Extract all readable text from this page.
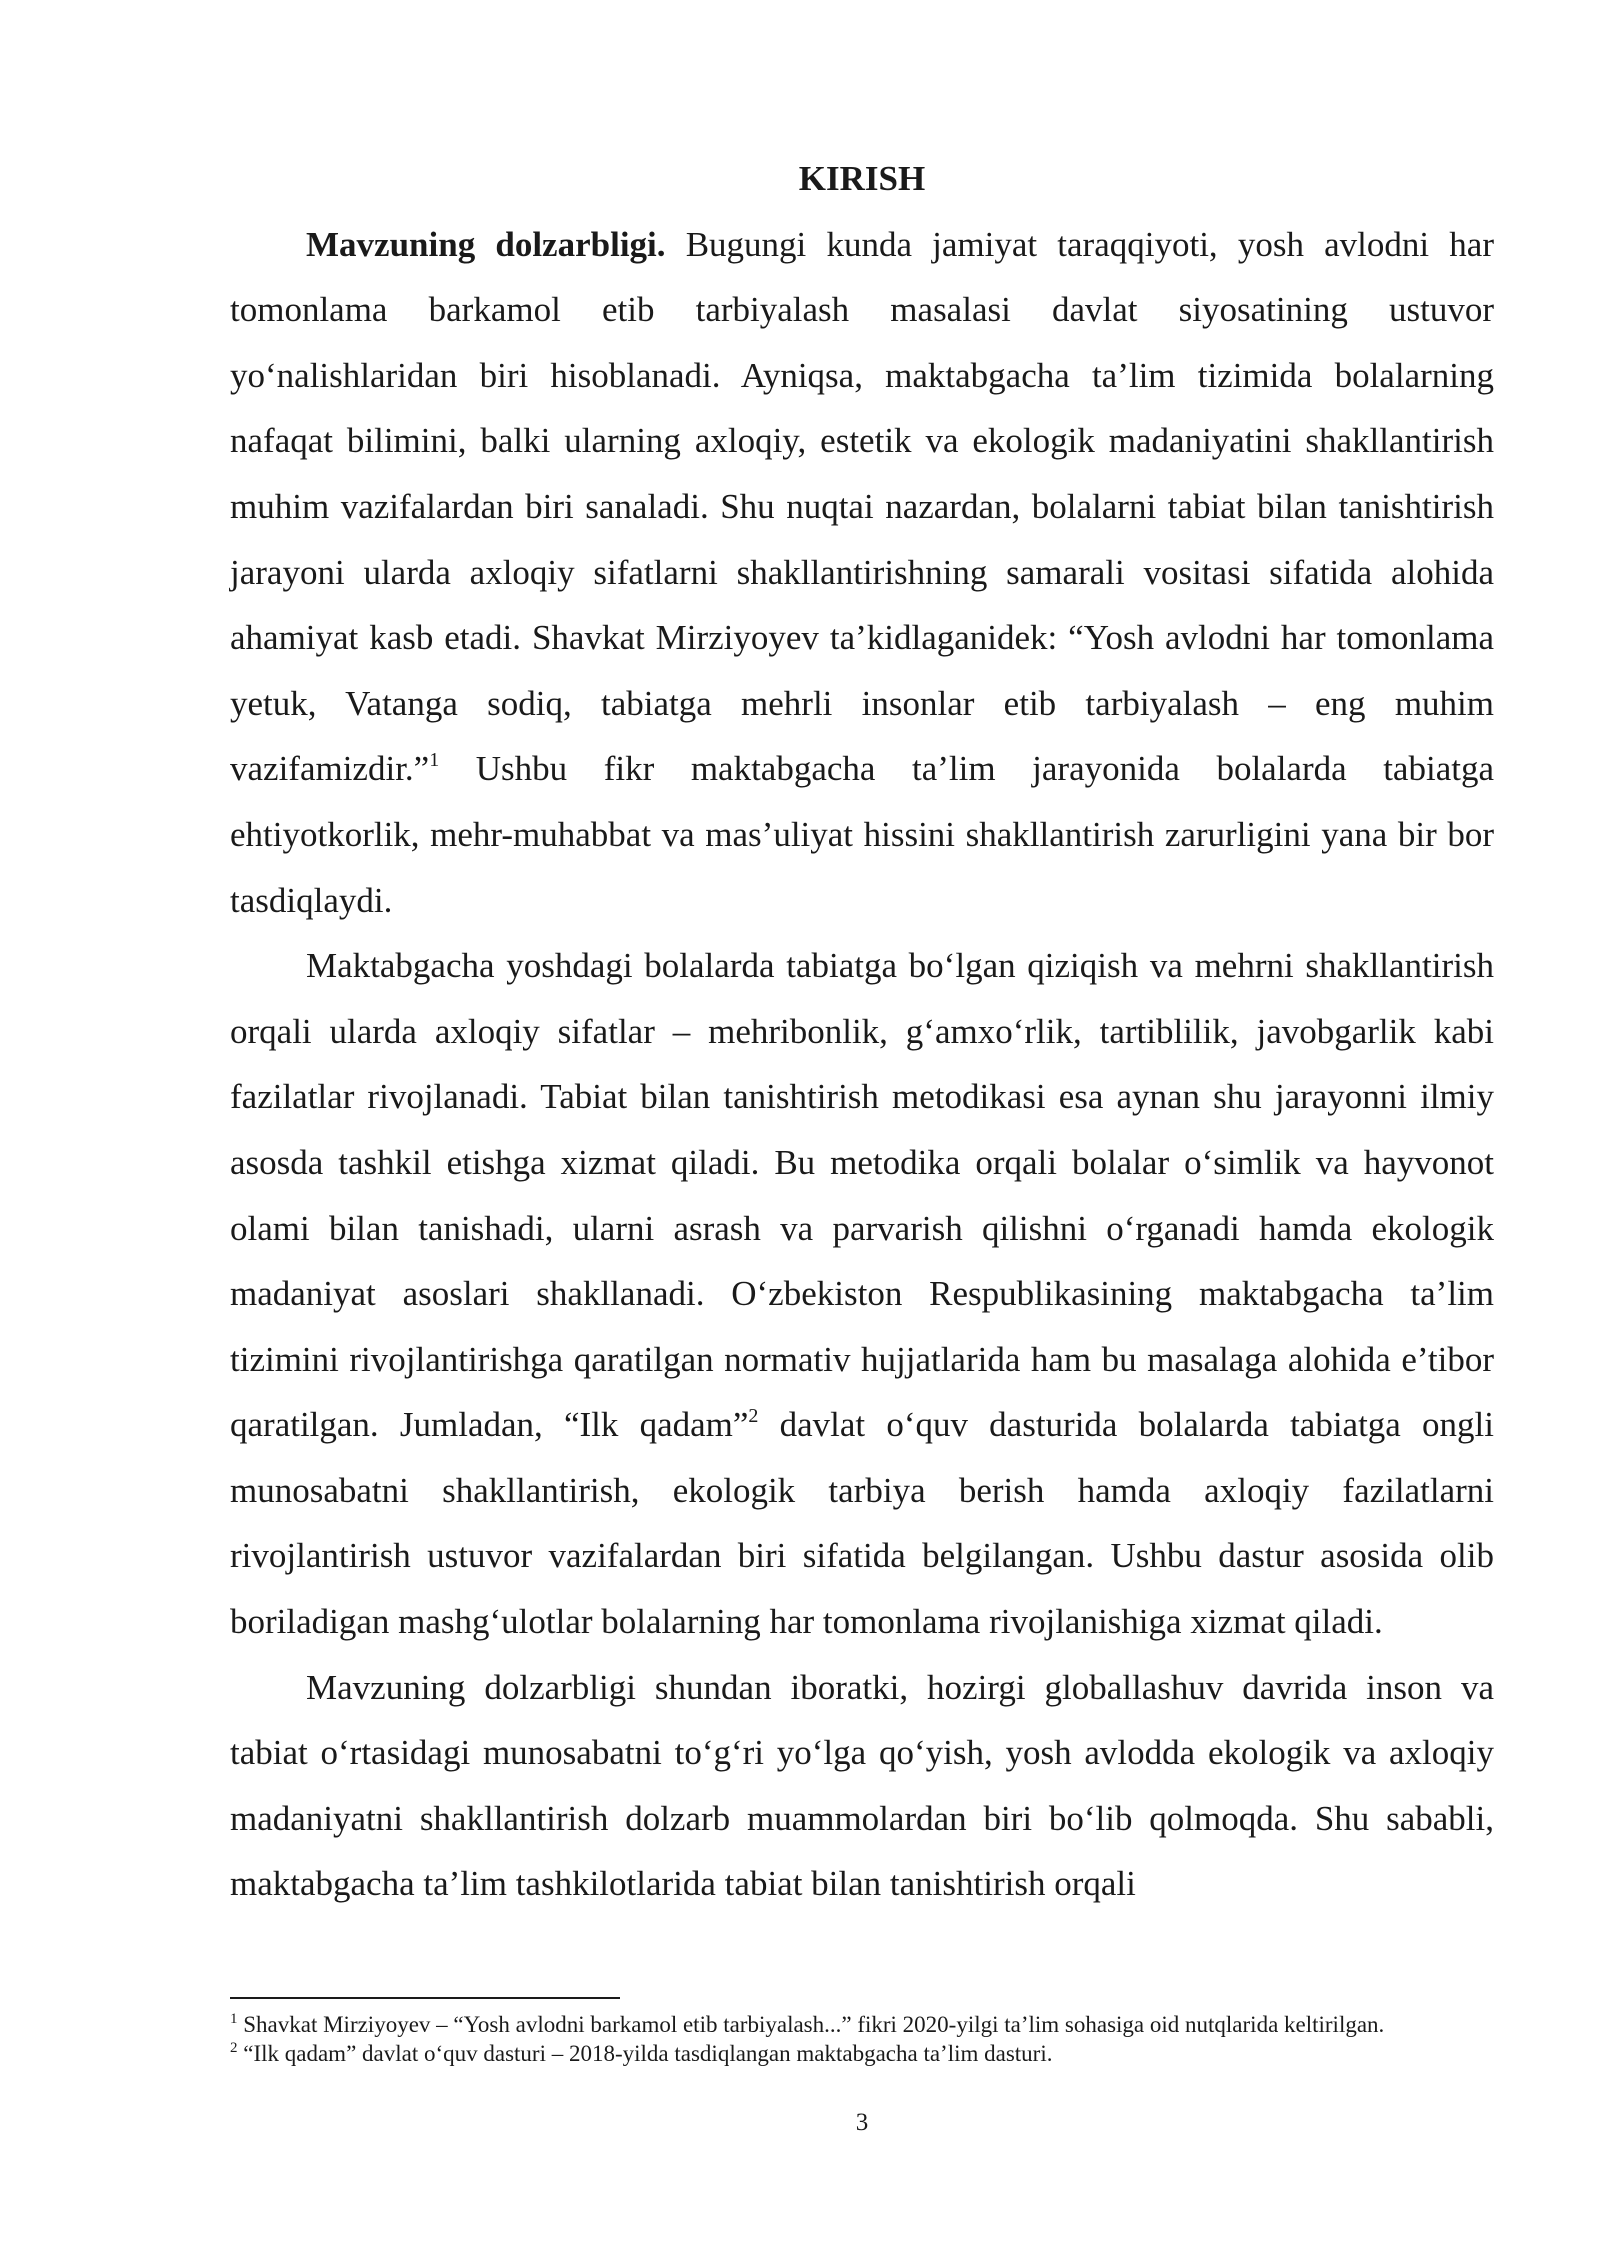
KIRISH

Mavzuning dolzarbligi. Bugungi kunda jamiyat taraqqiyoti, yosh avlodni har tomonlama barkamol etib tarbiyalash masalasi davlat siyosatining ustuvor yo‘nalishlaridan biri hisoblanadi. Ayniqsa, maktabgacha ta’lim tizimida bolalarning nafaqat bilimini, balki ularning axloqiy, estetik va ekologik madaniyatini shakllantirish muhim vazifalardan biri sanaladi. Shu nuqtai nazardan, bolalarni tabiat bilan tanishtirish jarayoni ularda axloqiy sifatlarni shakllantirishning samarali vositasi sifatida alohida ahamiyat kasb etadi. Shavkat Mirziyoyev ta’kidlaganidek: “Yosh avlodni har tomonlama yetuk, Vatanga sodiq, tabiatga mehrli insonlar etib tarbiyalash – eng muhim vazifamizdir.”$^1$ Ushbu fikr maktabgacha ta’lim jarayonida bolalarda tabiatga ehtiyotkorlik, mehr-muhabbat va mas’uliyat hissini shakllantirish zarurligini yana bir bor tasdiqlaydi.

Maktabgacha yoshdagi bolalarda tabiatga bo‘lgan qiziqish va mehrni shakllantirish orqali ularda axloqiy sifatlar – mehribonlik, g‘amxo‘rlik, tartiblilik, javobgarlik kabi fazilatlar rivojlanadi. Tabiat bilan tanishtirish metodikasi esa aynan shu jarayonni ilmiy asosda tashkil etishga xizmat qiladi. Bu metodika orqali bolalar o‘simlik va hayvonot olami bilan tanishadi, ularni asrash va parvarish qilishni o‘rganadi hamda ekologik madaniyat asoslari shakllanadi. O‘zbekiston Respublikasining maktabgacha ta’lim tizimini rivojlantirishga qaratilgan normativ hujjatlarida ham bu masalaga alohida e’tibor qaratilgan. Jumladan, “Ilk qadam”$^2$ davlat o‘quv dasturida bolalarda tabiatga ongli munosabatni shakllantirish, ekologik tarbiya berish hamda axloqiy fazilatlarni rivojlantirish ustuvor vazifalardan biri sifatida belgilangan. Ushbu dastur asosida olib boriladigan mashg‘ulotlar bolalarning har tomonlama rivojlanishiga xizmat qiladi.

Mavzuning dolzarbligi shundan iboratki, hozirgi globallashuv davrida inson va tabiat o‘rtasidagi munosabatni to‘g‘ri yo‘lga qo‘yish, yosh avlodda ekologik va axloqiy madaniyatni shakllantirish dolzarb muammolardan biri bo‘lib qolmoqda. Shu sababli, maktabgacha ta’lim tashkilotlarida tabiat bilan tanishtirish orqali

$^1$ Shavkat Mirziyoyev – “Yosh avlodni barkamol etib tarbiyalash...” fikri 2020-yilgi ta’lim sohasiga oid nutqlarida keltirilgan.

$^2$ “Ilk qadam” davlat o‘quv dasturi – 2018-yilda tasdiqlangan maktabgacha ta’lim dasturi.

3
